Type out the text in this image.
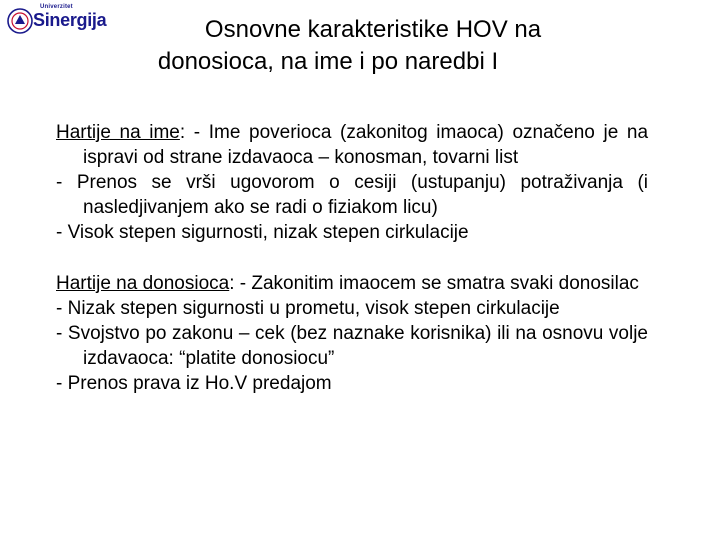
Univerzitet
Sinergija	Osnovne karakteristike HOV na
donosioca, na ime i po naredbi I

Hartije na ime: - Ime poverioca (zakonitog imaoca) označeno je na ispravi od strane izdavaoca – konosman, tovarni list

- Prenos se vrši ugovorom o cesiji (ustupanju) potraživanja (i nasledjivanjem ako se radi o fiziakom licu)

- Visok stepen sigurnosti, nizak stepen cirkulacije

Hartije na donosioca: - Zakonitim imaocem se smatra svaki donosilac

- Nizak stepen sigurnosti u prometu, visok stepen cirkulacije

- Svojstvo po zakonu – cek (bez naznake korisnika) ili na osnovu volje izdavaoca: “platite donosiocu”

- Prenos prava iz Ho.V predajom
